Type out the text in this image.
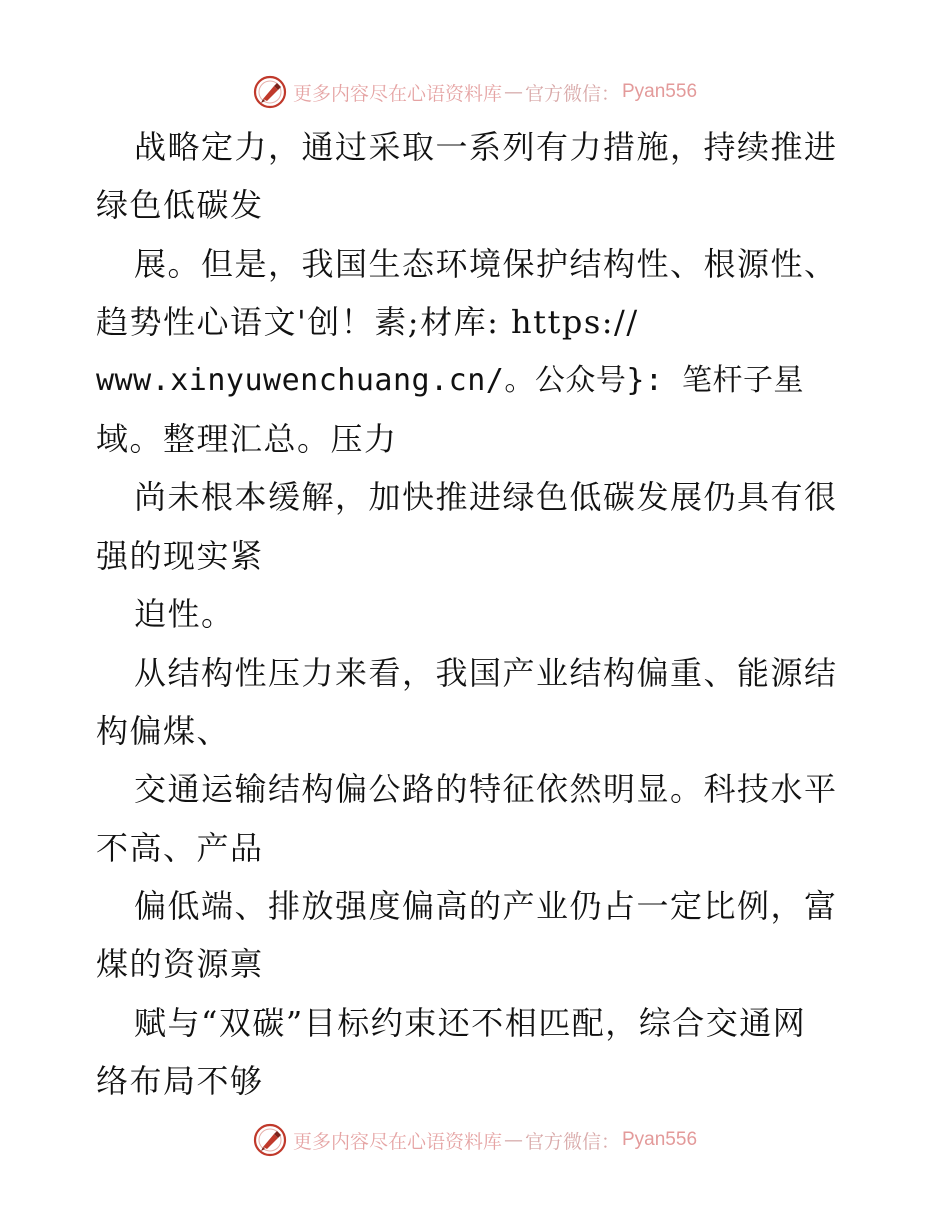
更多内容尽在心语资料库 — 官方微信： Pyan556
战略定力，通过采取一系列有力措施，持续推进
绿色低碳发
展。但是，我国生态环境保护结构性、根源性、
趋势性心语文'创！素;材库: https://
www.xinyuwenchuang.cn/。公众号}: 笔杆子星
域。整理汇总。压力
尚未根本缓解，加快推进绿色低碳发展仍具有很
强的现实紧
迫性。
从结构性压力来看，我国产业结构偏重、能源结
构偏煤、
交通运输结构偏公路的特征依然明显。科技水平
不高、产品
偏低端、排放强度偏高的产业仍占一定比例，富
煤的资源禀
赋与“双碳”目标约束还不相匹配，综合交通网
络布局不够
更多内容尽在心语资料库 — 官方微信： Pyan556
